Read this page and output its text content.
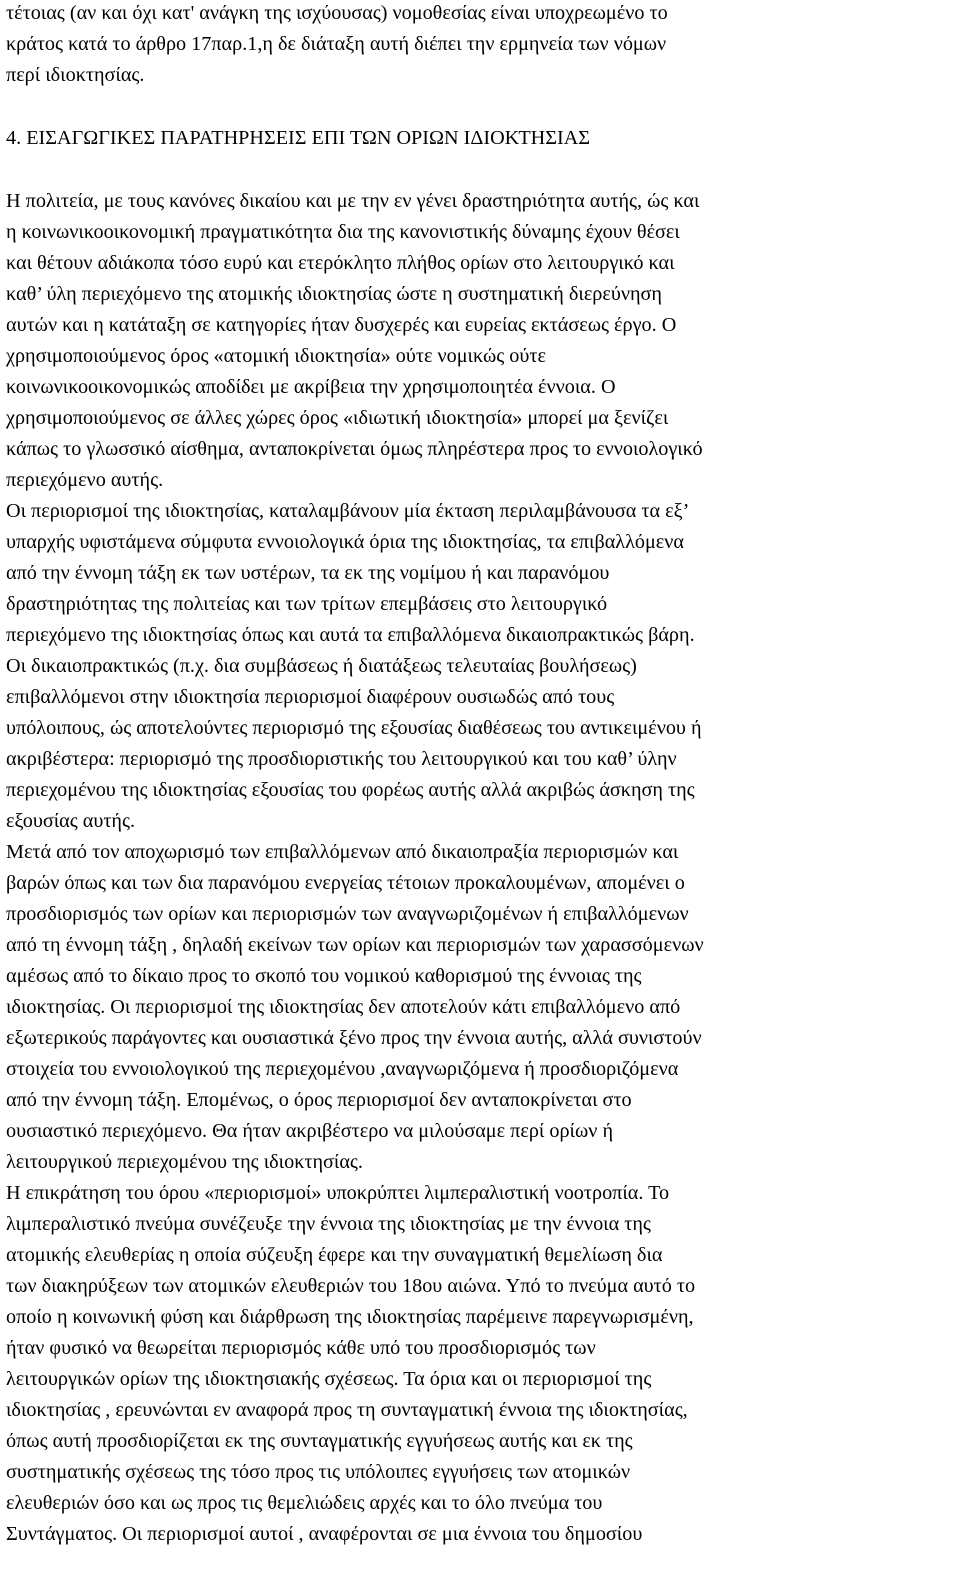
τέτοιας (αν και όχι κατ' ανάγκη της ισχύουσας) νομοθεσίας είναι υποχρεωμένο το
κράτος κατά το άρθρο 17παρ.1,η δε διάταξη αυτή διέπει την ερμηνεία των νόμων
περί ιδιοκτησίας.
4. ΕΙΣΑΓΩΓΙΚΕΣ ΠΑΡΑΤΗΡΗΣΕΙΣ ΕΠΙ ΤΩΝ ΟΡΙΩΝ ΙΔΙΟΚΤΗΣΙΑΣ
Η πολιτεία, με τους κανόνες δικαίου και με την εν γένει δραστηριότητα αυτής, ώς και
η κοινωνικοοικονομική πραγματικότητα δια της κανονιστικής δύναμης έχουν θέσει
και θέτουν αδιάκοπα τόσο ευρύ και ετερόκλητο πλήθος ορίων στο λειτουργικό και
καθ’ ύλη περιεχόμενο της ατομικής ιδιοκτησίας ώστε η συστηματική διερεύνηση
αυτών και η κατάταξη σε κατηγορίες ήταν δυσχερές και ευρείας εκτάσεως έργο. Ο
χρησιμοποιούμενος όρος «ατομική ιδιοκτησία» ούτε νομικώς ούτε
κοινωνικοοικονομικώς αποδίδει με ακρίβεια την χρησιμοποιητέα έννοια. Ο
χρησιμοποιούμενος σε άλλες χώρες όρος «ιδιωτική ιδιοκτησία» μπορεί μα ξενίζει
κάπως το γλωσσικό αίσθημα, ανταποκρίνεται όμως πληρέστερα προς το εννοιολογικό
περιεχόμενο αυτής.
Οι περιορισμοί της ιδιοκτησίας, καταλαμβάνουν μία έκταση περιλαμβάνουσα τα εξ’
υπαρχής υφιστάμενα σύμφυτα εννοιολογικά όρια της ιδιοκτησίας, τα επιβαλλόμενα
από την έννομη τάξη εκ των υστέρων, τα εκ της νομίμου ή και παρανόμου
δραστηριότητας της πολιτείας και των τρίτων επεμβάσεις στο λειτουργικό
περιεχόμενο της ιδιοκτησίας όπως και αυτά τα επιβαλλόμενα δικαιοπρακτικώς βάρη.
Οι δικαιοπρακτικώς (π.χ. δια συμβάσεως ή διατάξεως τελευταίας βουλήσεως)
επιβαλλόμενοι στην ιδιοκτησία περιορισμοί διαφέρουν ουσιωδώς από τους
υπόλοιπους, ώς αποτελούντες περιορισμό της εξουσίας διαθέσεως του αντικειμένου ή
ακριβέστερα: περιορισμό της προσδιοριστικής του λειτουργικού και του καθ’ ύλην
περιεχομένου της ιδιοκτησίας εξουσίας του φορέως αυτής αλλά ακριβώς άσκηση της
εξουσίας αυτής.
Μετά από τον αποχωρισμό των επιβαλλόμενων από δικαιοπραξία περιορισμών και
βαρών όπως και των δια παρανόμου ενεργείας τέτοιων προκαλουμένων, απομένει ο
προσδιορισμός των ορίων και περιορισμών των αναγνωριζομένων ή επιβαλλόμενων
από τη έννομη τάξη , δηλαδή εκείνων των ορίων και περιορισμών των χαρασσόμενων
αμέσως από το δίκαιο προς το σκοπό του νομικού καθορισμού της έννοιας της
ιδιοκτησίας. Οι περιορισμοί της ιδιοκτησίας δεν αποτελούν κάτι επιβαλλόμενο από
εξωτερικούς παράγοντες και ουσιαστικά ξένο προς την έννοια αυτής, αλλά συνιστούν
στοιχεία του εννοιολογικού της περιεχομένου ,αναγνωριζόμενα ή προσδιοριζόμενα
από την έννομη τάξη. Επομένως, ο όρος περιορισμοί δεν ανταποκρίνεται στο
ουσιαστικό περιεχόμενο. Θα ήταν ακριβέστερο να μιλούσαμε περί ορίων ή
λειτουργικού περιεχομένου της ιδιοκτησίας.
Η επικράτηση του όρου «περιορισμοί» υποκρύπτει λιμπεραλιστική νοοτροπία. Το
λιμπεραλιστικό πνεύμα συνέζευξε την έννοια της ιδιοκτησίας με την έννοια της
ατομικής ελευθερίας η οποία σύζευξη έφερε και την συναγματική θεμελίωση δια
των διακηρύξεων των ατομικών ελευθεριών του 18ου αιώνα. Υπό το πνεύμα αυτό το
οποίο η κοινωνική φύση και διάρθρωση της ιδιοκτησίας παρέμεινε παρεγνωρισμένη,
ήταν φυσικό να θεωρείται περιορισμός κάθε υπό του προσδιορισμός των
λειτουργικών ορίων της ιδιοκτησιακής σχέσεως. Τα όρια και οι περιορισμοί της
ιδιοκτησίας , ερευνώνται εν αναφορά προς τη συνταγματική έννοια της ιδιοκτησίας,
όπως αυτή προσδιορίζεται εκ της συνταγματικής εγγυήσεως αυτής και εκ της
συστηματικής σχέσεως της τόσο προς τις υπόλοιπες εγγυήσεις των ατομικών
ελευθεριών όσο και ως προς τις θεμελιώδεις αρχές και το όλο πνεύμα του
Συντάγματος. Οι περιορισμοί αυτοί , αναφέρονται σε μια έννοια του δημοσίου
